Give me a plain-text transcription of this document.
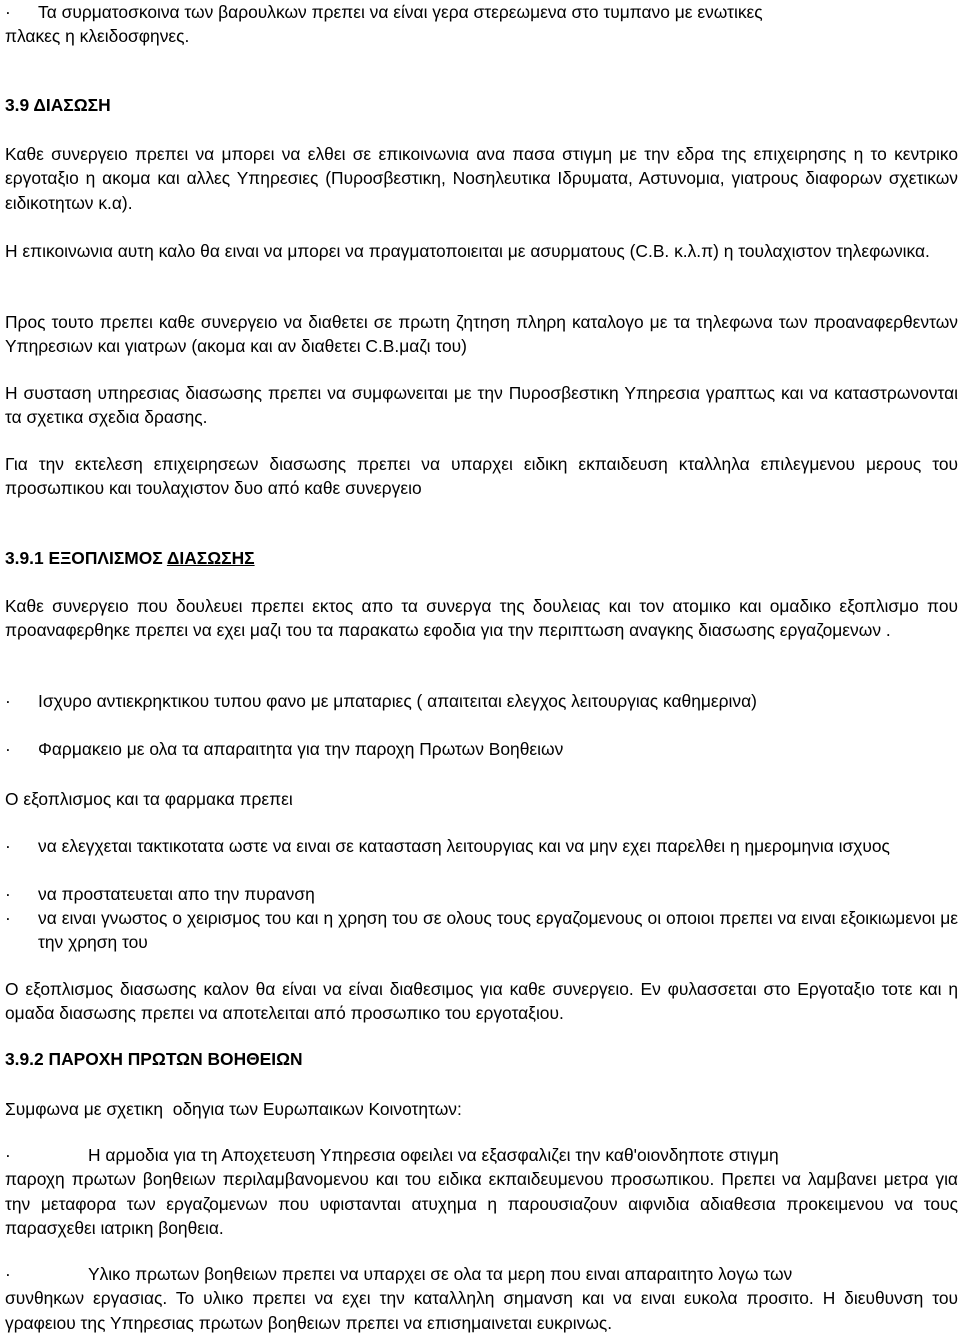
· Τα συρματοσκοινα των βαρουλκων πρεπει να είναι γερα στερεωμενα στο τυμπανο με ενωτικες
πλακες η κλειδοσφηνες.
3.9 ΔΙΑΣΩΣΗ
Καθε συνεργειο πρεπει να μπορει να ελθει σε επικοινωνια ανα πασα στιγμη με την εδρα της επιχειρησης η το κεντρικο εργοταξιο η ακομα και αλλες Υπηρεσιες (Πυροσβεστικη, Νοσηλευτικα Ιδρυματα, Αστυνομια, γιατρους διαφορων σχετικων ειδικοτητων κ.α).
Η επικοινωνια αυτη καλο θα ειναι να μπορει να πραγματοποιειται με ασυρματους (C.B. κ.λ.π) η τουλαχιστον τηλεφωνικα.
Προς τουτο πρεπει καθε συνεργειο να διαθετει σε πρωτη ζητηση πληρη καταλογο με τα τηλεφωνα των προαναφερθεντων Υπηρεσιων και γιατρων (ακομα και αν διαθετει C.B.μαζι του)
Η συσταση υπηρεσιας διασωσης πρεπει να συμφωνειται με την Πυροσβεστικη Υπηρεσια γραπτως και να καταστρωνονται τα σχετικα σχεδια δρασης.
Για την εκτελεση επιχειρησεων διασωσης πρεπει να υπαρχει ειδικη εκπαιδευση κταλληλα επιλεγμενου μερους του προσωπικου και τουλαχιστον δυο από καθε συνεργειο
3.9.1 ΕΞΟΠΛΙΣΜΟΣ ΔΙΑΣΩΣΗΣ
Καθε συνεργειο που δουλευει πρεπει εκτος απο τα συνεργα της δουλειας και τον ατομικο και ομαδικο εξοπλισμο που προαναφερθηκε πρεπει να εχει μαζι του τα παρακατω εφοδια για την περιπτωση αναγκης διασωσης εργαζομενων .
·	Ισχυρο αντιεκρηκτικου τυπου φανο με μπαταριες ( απαιτειται ελεγχος λειτουργιας καθημερινα)
·	Φαρμακειο με ολα τα απαραιτητα για την παροχη Πρωτων Βοηθειων
Ο εξοπλισμος και τα φαρμακα πρεπει
·	να ελεγχεται τακτικοτατα ωστε να ειναι σε κατασταση λειτουργιας και να μην εχει παρελθει η ημερομηνια ισχυος
·	να προστατευεται απο την πυρανση
·	να ειναι γνωστος ο χειρισμος του και η χρηση του σε ολους τους εργαζομενους οι οποιοι πρεπει να ειναι εξοικιωμενοι με την χρηση του
Ο εξοπλισμος διασωσης καλον θα είναι να είναι διαθεσιμος για καθε συνεργειο. Εν φυλασσεται στο Εργοταξιο τοτε και η ομαδα διασωσης πρεπει να αποτελειται από προσωπικο του εργοταξιου.
3.9.2 ΠΑΡΟΧΗ ΠΡΩΤΩΝ ΒΟΗΘΕΙΩΝ
Συμφωνα με σχετικη  οδηγια των Ευρωπαικων Κοινοτητων:
·	Η αρμοδια για τη Αποχετευση Υπηρεσια οφειλει να εξασφαλιζει την καθ'οιονδηποτε στιγμη
παροχη πρωτων βοηθειων περιλαμβανομενου και του ειδικα εκπαιδευμενου προσωπικου. Πρεπει να λαμβανει μετρα για την μεταφορα των εργαζομενων που υφιστανται ατυχημα η παρουσιαζουν αιφνιδια αδιαθεσια προκειμενου να τους παρασχεθει ιατρικη βοηθεια.
·	Υλικο πρωτων βοηθειων πρεπει να υπαρχει σε ολα τα μερη που ειναι απαραιτητο λογω των
συνθηκων εργασιας. Το υλικο πρεπει να εχει την καταλληλη σημανση και να ειναι ευκολα προσιτο. Η διευθυνση του γραφειου της Υπηρεσιας πρωτων βοηθειων πρεπει να επισημαινεται ευκρινως.
